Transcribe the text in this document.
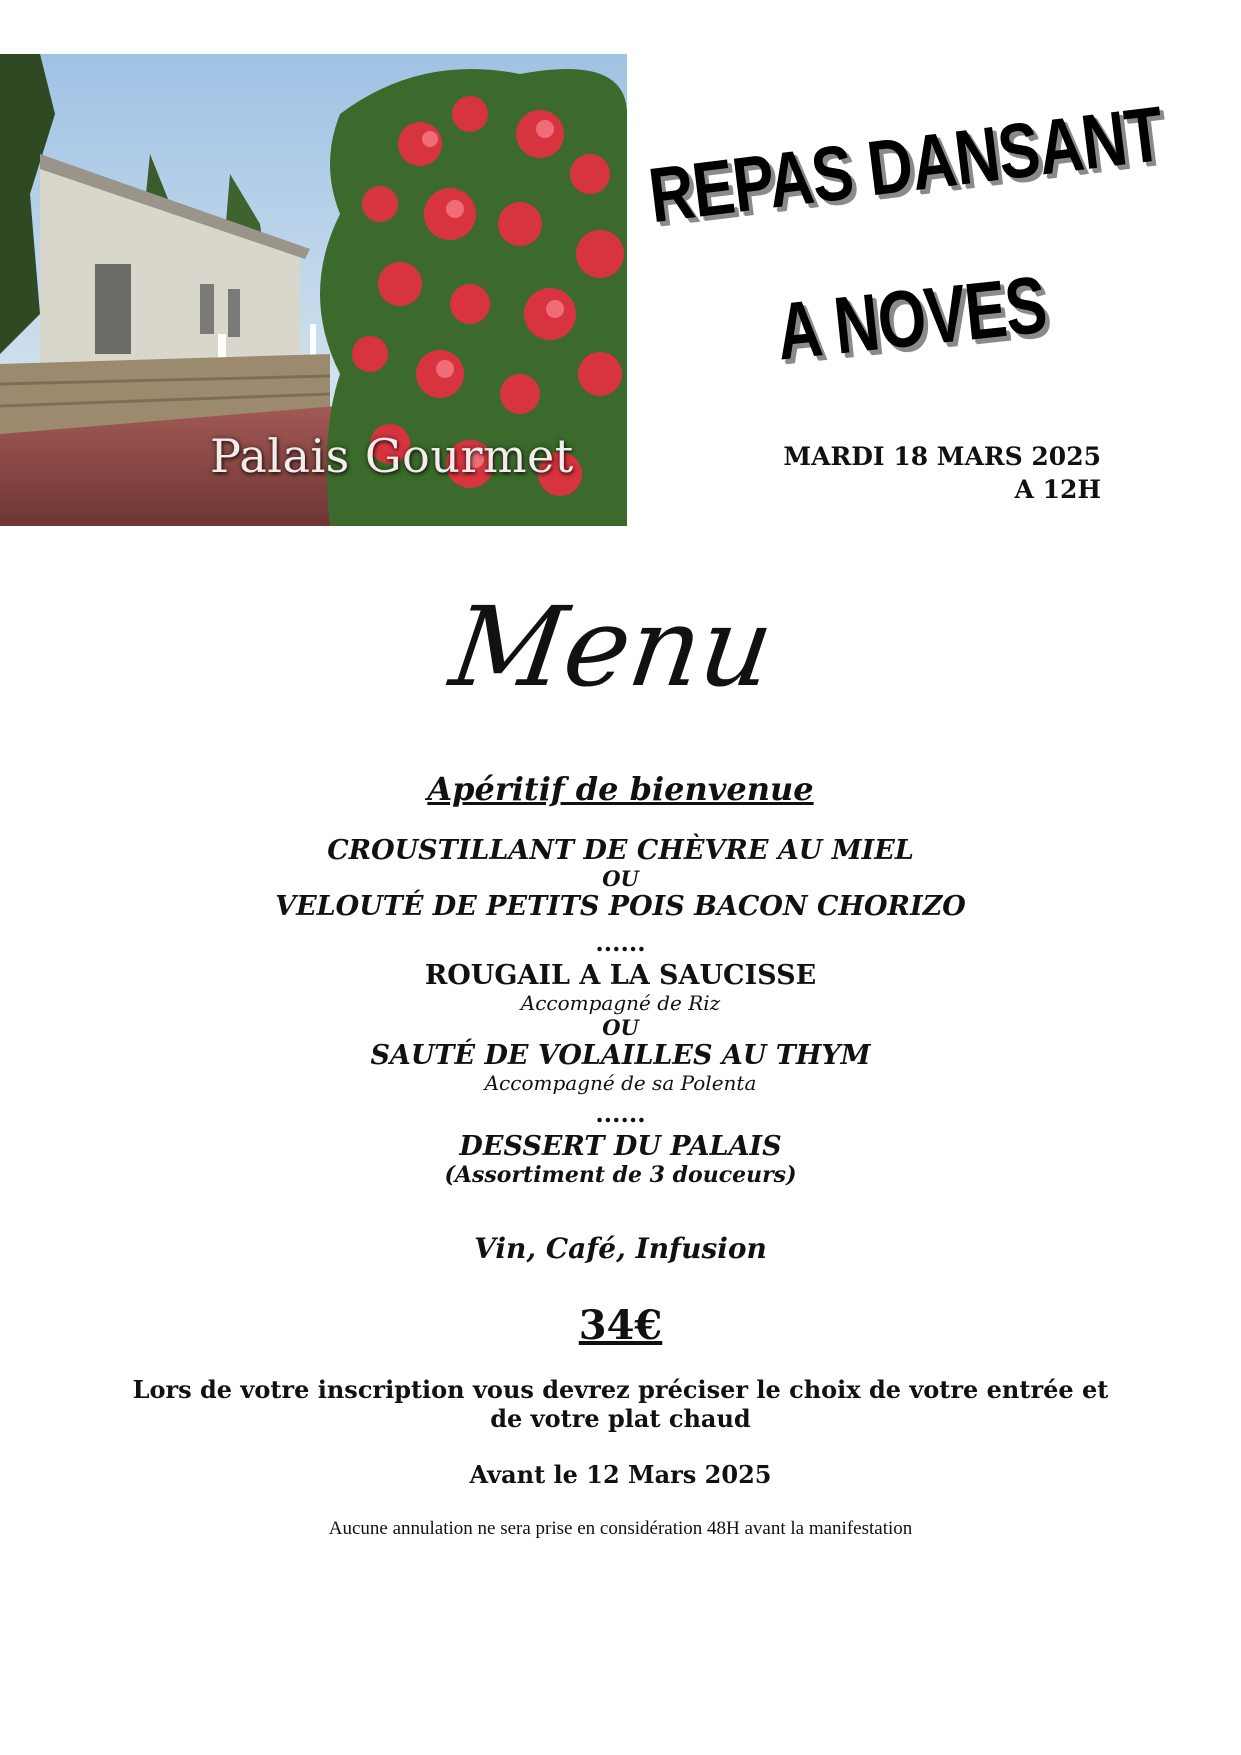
Palais Gourmet
REPAS DANSANT
A NOVES
MARDI 18 MARS 2025
A 12H
Menu
Apéritif de bienvenue
CROUSTILLANT DE CHÈVRE AU MIEL
OU
VELOUTÉ DE PETITS POIS BACON CHORIZO
......
ROUGAIL A LA SAUCISSE
Accompagné de Riz
OU
SAUTÉ DE VOLAILLES AU THYM
Accompagné de sa Polenta
......
DESSERT DU PALAIS
(Assortiment de 3 douceurs)
Vin, Café, Infusion
34€
Lors de votre inscription vous devrez préciser le choix de votre entrée et
de votre plat chaud
Avant le 12 Mars 2025
Aucune annulation ne sera prise en considération 48H avant la manifestation
